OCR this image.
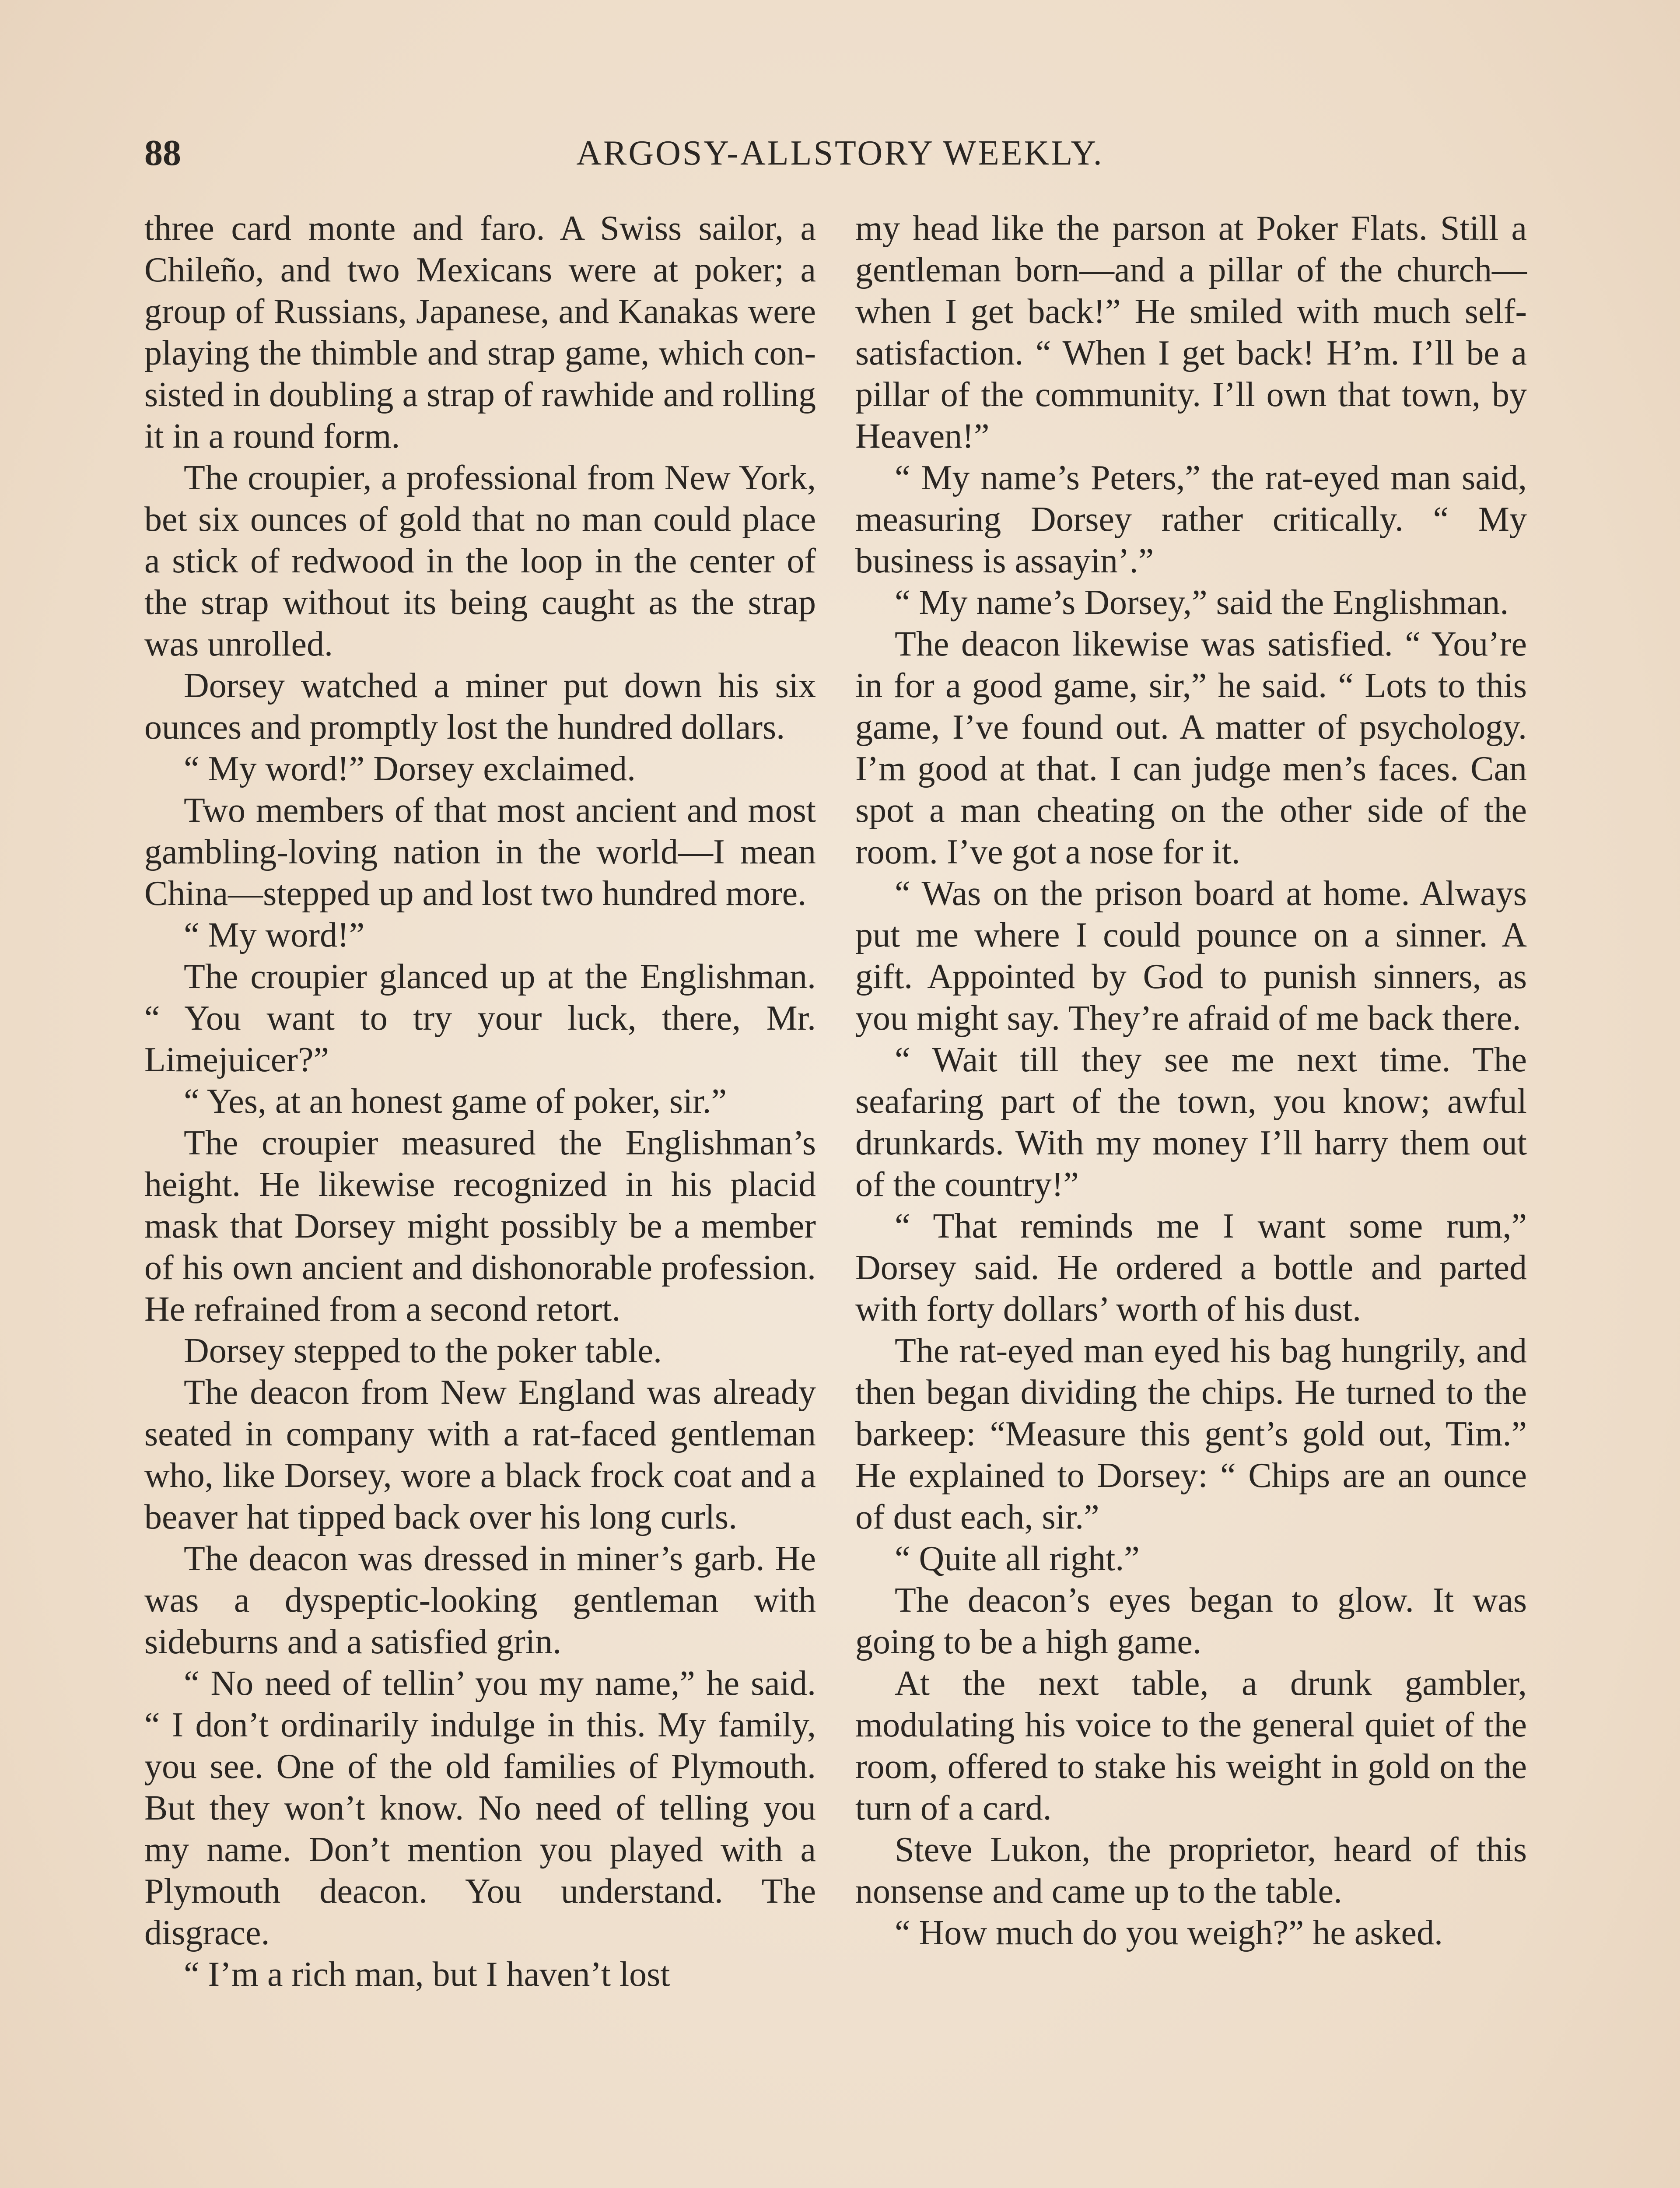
88	ARGOSY-ALLSTORY WEEKLY.

three card monte and faro. A Swiss sailor, a Chileño, and two Mexicans were at poker; a group of Russians, Japanese, and Kanakas were playing the thimble and strap game, which consisted in doubling a strap of rawhide and rolling it in a round form.

The croupier, a professional from New York, bet six ounces of gold that no man could place a stick of redwood in the loop in the center of the strap without its being caught as the strap was unrolled.

Dorsey watched a miner put down his six ounces and promptly lost the hundred dollars.

“ My word!” Dorsey exclaimed.

Two members of that most ancient and most gambling-loving nation in the world—I mean China—stepped up and lost two hundred more.

“ My word!”

The croupier glanced up at the Englishman. “ You want to try your luck, there, Mr. Limejuicer?”

“ Yes, at an honest game of poker, sir.”

The croupier measured the Englishman’s height. He likewise recognized in his placid mask that Dorsey might possibly be a member of his own ancient and dishonorable profession. He refrained from a second retort.

Dorsey stepped to the poker table.

The deacon from New England was already seated in company with a rat-faced gentleman who, like Dorsey, wore a black frock coat and a beaver hat tipped back over his long curls.

The deacon was dressed in miner’s garb. He was a dyspeptic-looking gentleman with sideburns and a satisfied grin.

“ No need of tellin’ you my name,” he said. “ I don’t ordinarily indulge in this. My family, you see. One of the old families of Plymouth. But they won’t know. No need of telling you my name. Don’t mention you played with a Plymouth deacon. You understand. The disgrace.

“ I’m a rich man, but I haven’t lost

my head like the parson at Poker Flats. Still a gentleman born—and a pillar of the church—when I get back!” He smiled with much self-satisfaction. “ When I get back! H’m. I’ll be a pillar of the community. I’ll own that town, by Heaven!”

“ My name’s Peters,” the rat-eyed man said, measuring Dorsey rather critically. “ My business is assayin’.”

“ My name’s Dorsey,” said the Englishman.

The deacon likewise was satisfied. “ You’re in for a good game, sir,” he said. “ Lots to this game, I’ve found out. A matter of psychology. I’m good at that. I can judge men’s faces. Can spot a man cheating on the other side of the room. I’ve got a nose for it.

“ Was on the prison board at home. Always put me where I could pounce on a sinner. A gift. Appointed by God to punish sinners, as you might say. They’re afraid of me back there.

“ Wait till they see me next time. The seafaring part of the town, you know; awful drunkards. With my money I’ll harry them out of the country!”

“ That reminds me I want some rum,” Dorsey said. He ordered a bottle and parted with forty dollars’ worth of his dust.

The rat-eyed man eyed his bag hungrily, and then began dividing the chips. He turned to the barkeep: “Measure this gent’s gold out, Tim.” He explained to Dorsey: “ Chips are an ounce of dust each, sir.”

“ Quite all right.”

The deacon’s eyes began to glow. It was going to be a high game.

At the next table, a drunk gambler, modulating his voice to the general quiet of the room, offered to stake his weight in gold on the turn of a card.

Steve Lukon, the proprietor, heard of this nonsense and came up to the table.

“ How much do you weigh?” he asked.
